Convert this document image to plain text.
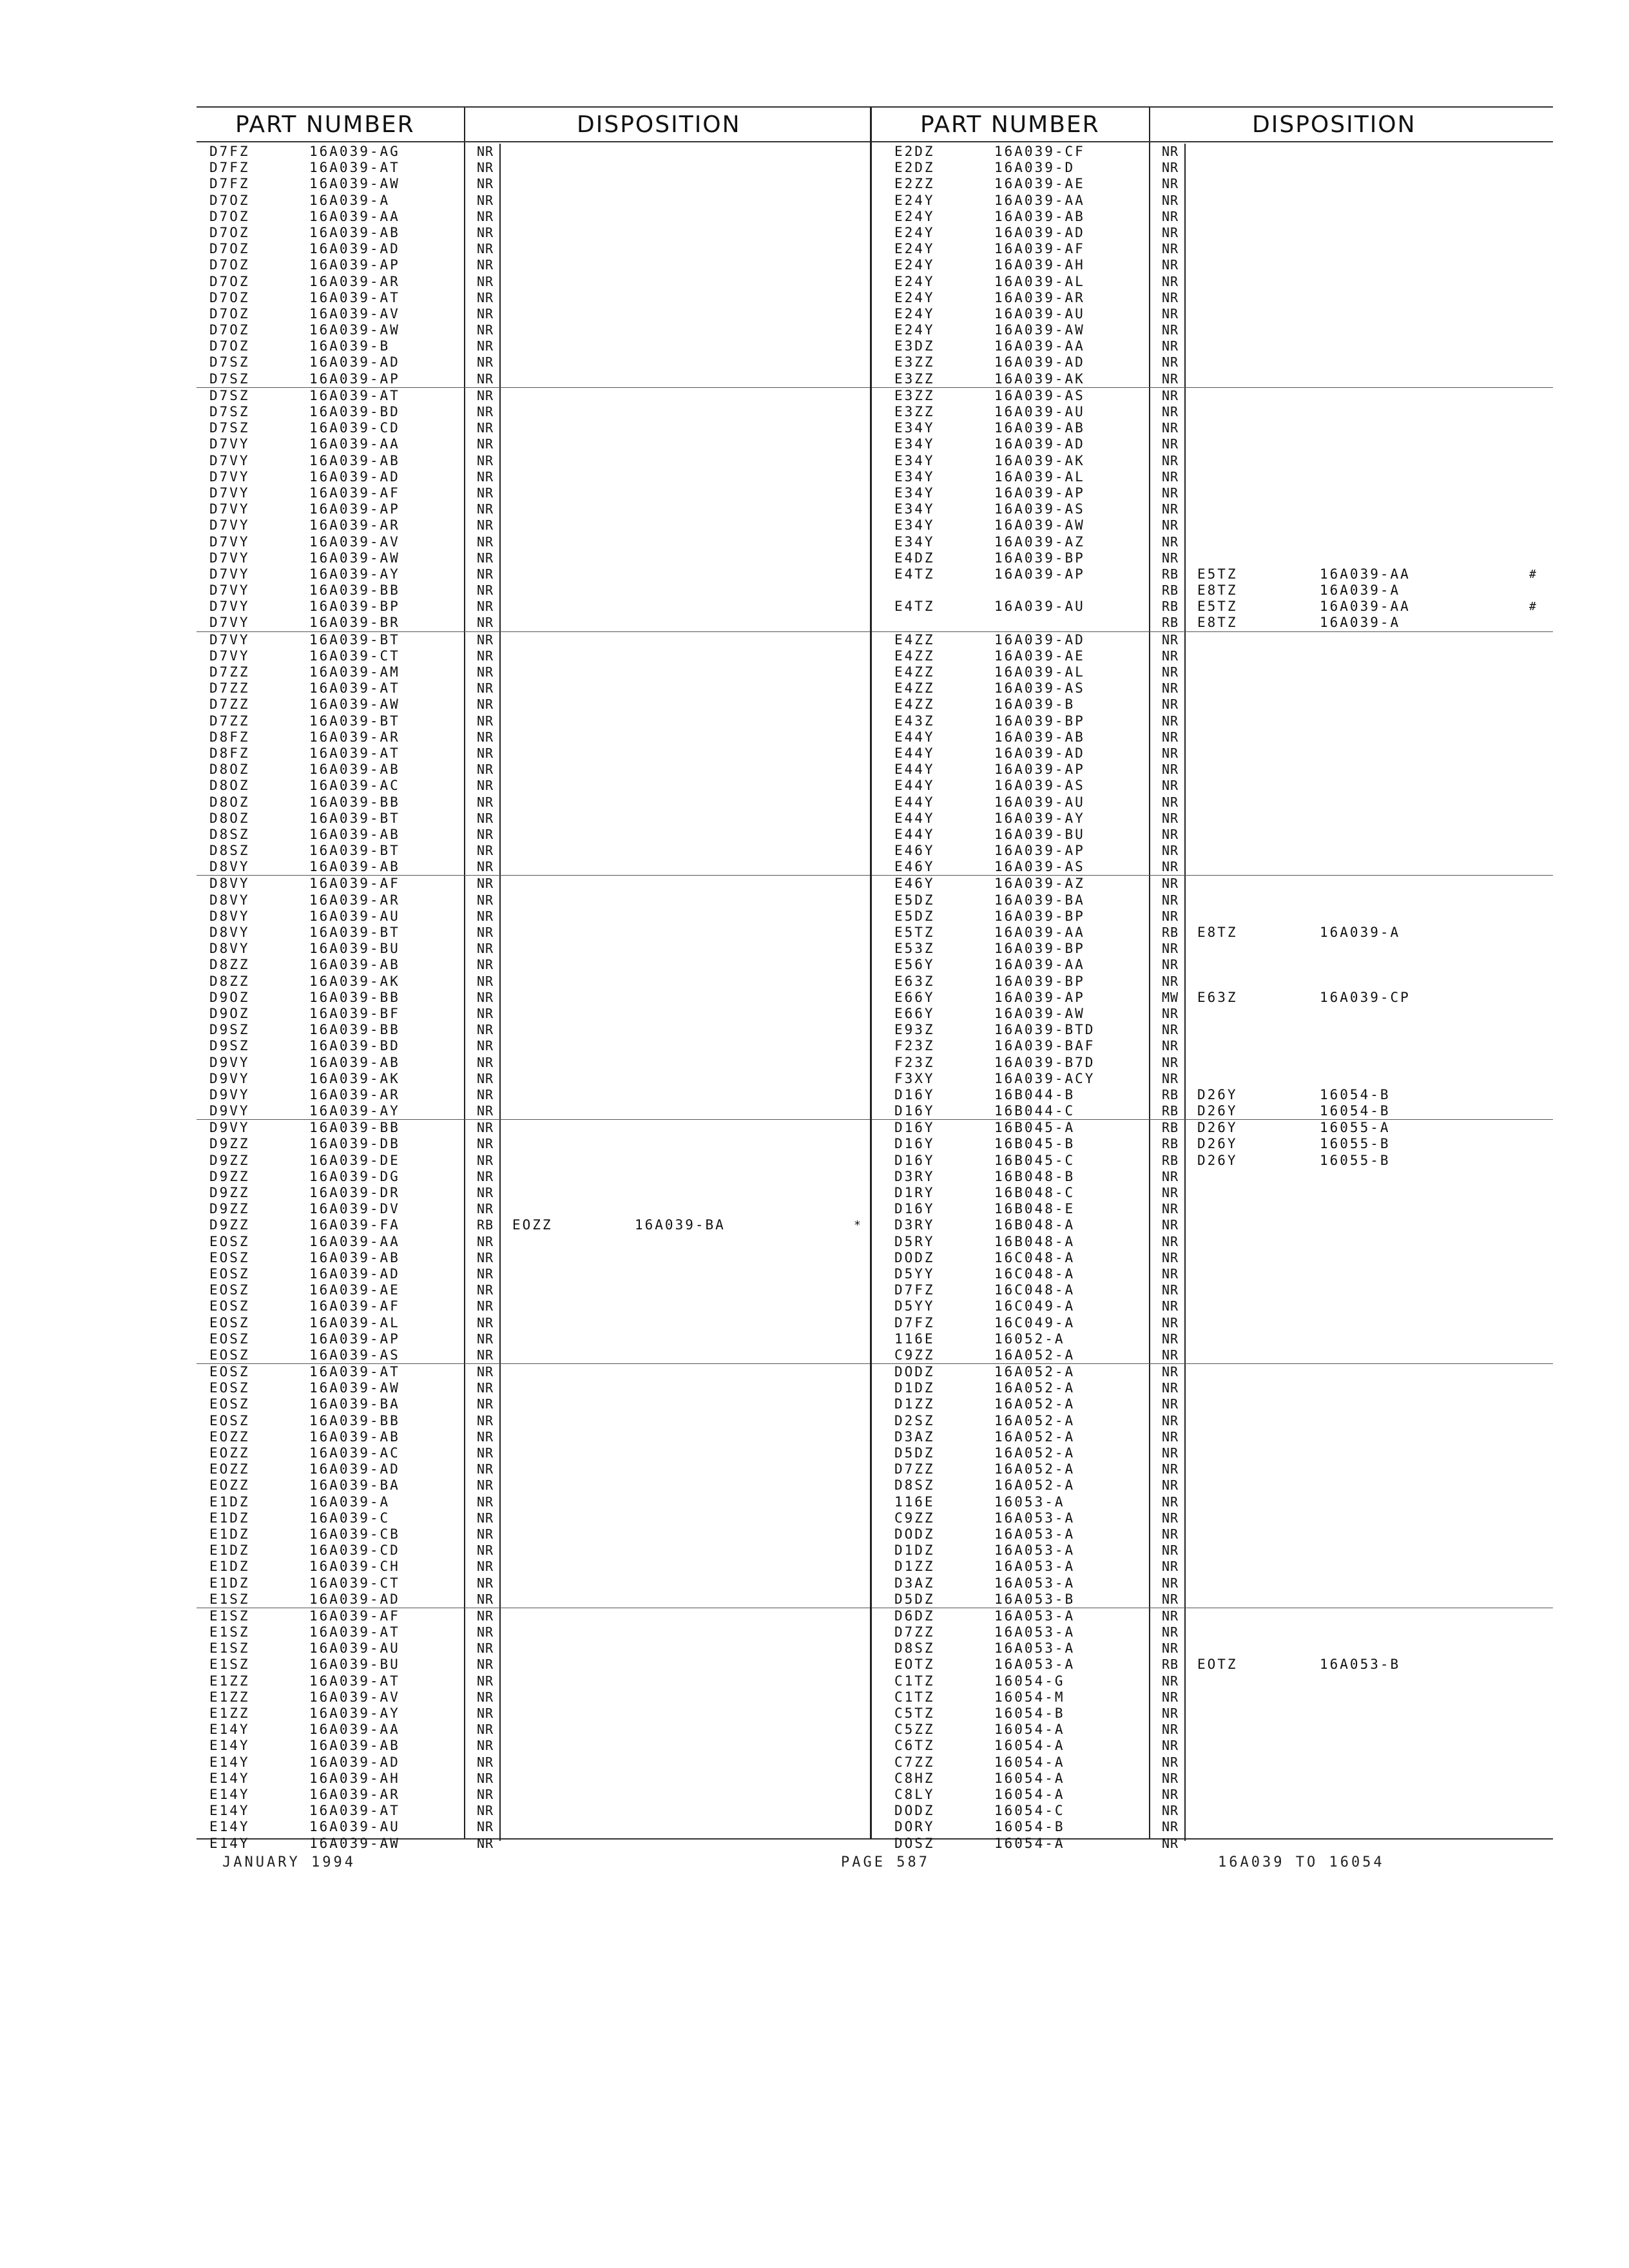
PART NUMBER	DISPOSITION
D7FZ	16A039-AG	NR
D7FZ	16A039-AT	NR
D7FZ	16A039-AW	NR
D7OZ	16A039-A	NR
D7OZ	16A039-AA	NR
D7OZ	16A039-AB	NR
D7OZ	16A039-AD	NR
D7OZ	16A039-AP	NR
D7OZ	16A039-AR	NR
D7OZ	16A039-AT	NR
D7OZ	16A039-AV	NR
D7OZ	16A039-AW	NR
D7OZ	16A039-B	NR
D7SZ	16A039-AD	NR
D7SZ	16A039-AP	NR
D7SZ	16A039-AT	NR
D7SZ	16A039-BD	NR
D7SZ	16A039-CD	NR
D7VY	16A039-AA	NR
D7VY	16A039-AB	NR
D7VY	16A039-AD	NR
D7VY	16A039-AF	NR
D7VY	16A039-AP	NR
D7VY	16A039-AR	NR
D7VY	16A039-AV	NR
D7VY	16A039-AW	NR
D7VY	16A039-AY	NR
D7VY	16A039-BB	NR
D7VY	16A039-BP	NR
D7VY	16A039-BR	NR
D7VY	16A039-BT	NR
D7VY	16A039-CT	NR
D7ZZ	16A039-AM	NR
D7ZZ	16A039-AT	NR
D7ZZ	16A039-AW	NR
D7ZZ	16A039-BT	NR
D8FZ	16A039-AR	NR
D8FZ	16A039-AT	NR
D8OZ	16A039-AB	NR
D8OZ	16A039-AC	NR
D8OZ	16A039-BB	NR
D8OZ	16A039-BT	NR
D8SZ	16A039-AB	NR
D8SZ	16A039-BT	NR
D8VY	16A039-AB	NR
D8VY	16A039-AF	NR
D8VY	16A039-AR	NR
D8VY	16A039-AU	NR
D8VY	16A039-BT	NR
D8VY	16A039-BU	NR
D8ZZ	16A039-AB	NR
D8ZZ	16A039-AK	NR
D9OZ	16A039-BB	NR
D9OZ	16A039-BF	NR
D9SZ	16A039-BB	NR
D9SZ	16A039-BD	NR
D9VY	16A039-AB	NR
D9VY	16A039-AK	NR
D9VY	16A039-AR	NR
D9VY	16A039-AY	NR
D9VY	16A039-BB	NR
D9ZZ	16A039-DB	NR
D9ZZ	16A039-DE	NR
D9ZZ	16A039-DG	NR
D9ZZ	16A039-DR	NR
D9ZZ	16A039-DV	NR
D9ZZ	16A039-FA	RB EOZZ	16A039-BA	*
EOSZ	16A039-AA	NR
EOSZ	16A039-AB	NR
EOSZ	16A039-AD	NR
EOSZ	16A039-AE	NR
EOSZ	16A039-AF	NR
EOSZ	16A039-AL	NR
EOSZ	16A039-AP	NR
EOSZ	16A039-AS	NR
EOSZ	16A039-AT	NR
EOSZ	16A039-AW	NR
EOSZ	16A039-BA	NR
EOSZ	16A039-BB	NR
EOZZ	16A039-AB	NR
EOZZ	16A039-AC	NR
EOZZ	16A039-AD	NR
EOZZ	16A039-BA	NR
E1DZ	16A039-A	NR
E1DZ	16A039-C	NR
E1DZ	16A039-CB	NR
E1DZ	16A039-CD	NR
E1DZ	16A039-CH	NR
E1DZ	16A039-CT	NR
E1SZ	16A039-AD	NR
E1SZ	16A039-AF	NR
E1SZ	16A039-AT	NR
E1SZ	16A039-AU	NR
E1SZ	16A039-BU	NR
E1ZZ	16A039-AT	NR
E1ZZ	16A039-AV	NR
E1ZZ	16A039-AY	NR
E14Y	16A039-AA	NR
E14Y	16A039-AB	NR
E14Y	16A039-AD	NR
E14Y	16A039-AH	NR
E14Y	16A039-AR	NR
E14Y	16A039-AT	NR
E14Y	16A039-AU	NR
E14Y	16A039-AW	NR
PART NUMBER	DISPOSITION
E2DZ	16A039-CF	NR
E2DZ	16A039-D	NR
E2ZZ	16A039-AE	NR
E24Y	16A039-AA	NR
E24Y	16A039-AB	NR
E24Y	16A039-AD	NR
E24Y	16A039-AF	NR
E24Y	16A039-AH	NR
E24Y	16A039-AL	NR
E24Y	16A039-AR	NR
E24Y	16A039-AU	NR
E24Y	16A039-AW	NR
E3DZ	16A039-AA	NR
E3ZZ	16A039-AD	NR
E3ZZ	16A039-AK	NR
E3ZZ	16A039-AS	NR
E3ZZ	16A039-AU	NR
E34Y	16A039-AB	NR
E34Y	16A039-AD	NR
E34Y	16A039-AK	NR
E34Y	16A039-AL	NR
E34Y	16A039-AP	NR
E34Y	16A039-AS	NR
E34Y	16A039-AW	NR
E34Y	16A039-AZ	NR
E4DZ	16A039-BP	NR
E4TZ	16A039-AP	RB E5TZ	16A039-AA	#
RB E8TZ	16A039-A
E4TZ	16A039-AU	RB E5TZ	16A039-AA	#
RB E8TZ	16A039-A
E4ZZ	16A039-AD	NR
E4ZZ	16A039-AE	NR
E4ZZ	16A039-AL	NR
E4ZZ	16A039-AS	NR
E4ZZ	16A039-B	NR
E43Z	16A039-BP	NR
E44Y	16A039-AB	NR
E44Y	16A039-AD	NR
E44Y	16A039-AP	NR
E44Y	16A039-AS	NR
E44Y	16A039-AU	NR
E44Y	16A039-AY	NR
E44Y	16A039-BU	NR
E46Y	16A039-AP	NR
E46Y	16A039-AS	NR
E46Y	16A039-AZ	NR
E5DZ	16A039-BA	NR
E5DZ	16A039-BP	NR
E5TZ	16A039-AA	RB E8TZ	16A039-A
E53Z	16A039-BP	NR
E56Y	16A039-AA	NR
E63Z	16A039-BP	NR
E66Y	16A039-AP	MW E63Z	16A039-CP
E66Y	16A039-AW	NR
E93Z	16A039-BTD	NR
F23Z	16A039-BAF	NR
F23Z	16A039-B7D	NR
F3XY	16A039-ACY	NR
D16Y	16B044-B	RB D26Y	16054-B
D16Y	16B044-C	RB D26Y	16054-B
D16Y	16B045-A	RB D26Y	16055-A
D16Y	16B045-B	RB D26Y	16055-B
D16Y	16B045-C	RB D26Y	16055-B
D3RY	16B048-B	NR
D1RY	16B048-C	NR
D16Y	16B048-E	NR
D3RY	16B048-A	NR
D5RY	16B048-A	NR
DODZ	16C048-A	NR
D5YY	16C048-A	NR
D7FZ	16C048-A	NR
D5YY	16C049-A	NR
D7FZ	16C049-A	NR
116E	16052-A	NR
C9ZZ	16A052-A	NR
DODZ	16A052-A	NR
D1DZ	16A052-A	NR
D1ZZ	16A052-A	NR
D2SZ	16A052-A	NR
D3AZ	16A052-A	NR
D5DZ	16A052-A	NR
D7ZZ	16A052-A	NR
D8SZ	16A052-A	NR
116E	16053-A	NR
C9ZZ	16A053-A	NR
DODZ	16A053-A	NR
D1DZ	16A053-A	NR
D1ZZ	16A053-A	NR
D3AZ	16A053-A	NR
D5DZ	16A053-B	NR
D6DZ	16A053-A	NR
D7ZZ	16A053-A	NR
D8SZ	16A053-A	NR
EOTZ	16A053-A	RB EOTZ	16A053-B
C1TZ	16054-G	NR
C1TZ	16054-M	NR
C5TZ	16054-B	NR
C5ZZ	16054-A	NR
C6TZ	16054-A	NR
C7ZZ	16054-A	NR
C8HZ	16054-A	NR
C8LY	16054-A	NR
DODZ	16054-C	NR
DORY	16054-B	NR
DOSZ	16054-A	NR
JANUARY 1994	PAGE 587	16A039 TO 16054
